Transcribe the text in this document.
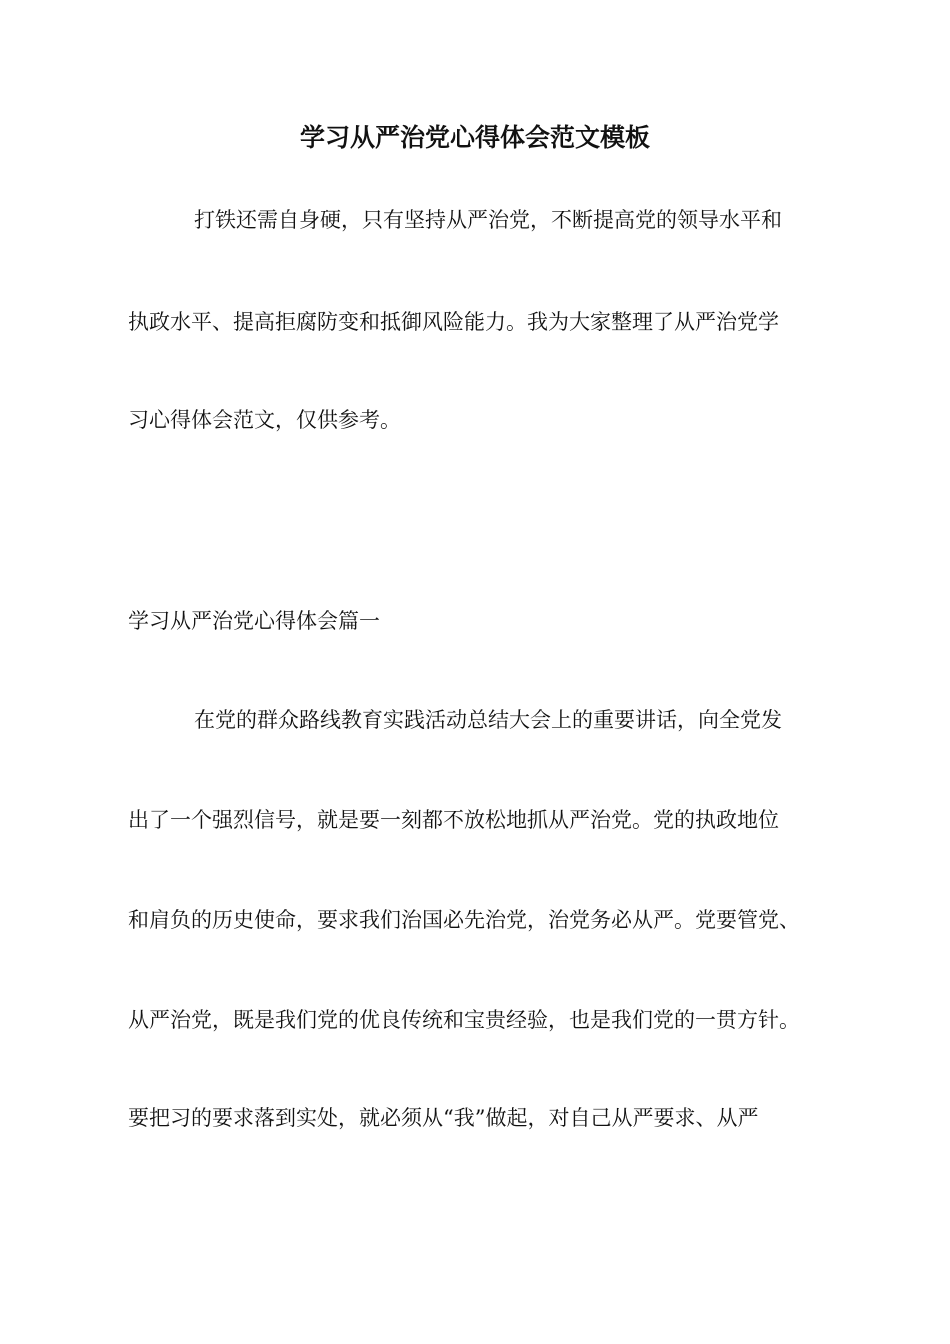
学习从严治党心得体会范文模板

打铁还需自身硬，只有坚持从严治党，不断提高党的领导水平和

执政水平、提高拒腐防变和抵御风险能力。我为大家整理了从严治党学

习心得体会范文，仅供参考。

学习从严治党心得体会篇一

在党的群众路线教育实践活动总结大会上的重要讲话，向全党发

出了一个强烈信号，就是要一刻都不放松地抓从严治党。党的执政地位

和肩负的历史使命，要求我们治国必先治党，治党务必从严。党要管党、

从严治党，既是我们党的优良传统和宝贵经验，也是我们党的一贯方针。

要把习的要求落到实处，就必须从“我”做起，对自己从严要求、从严
